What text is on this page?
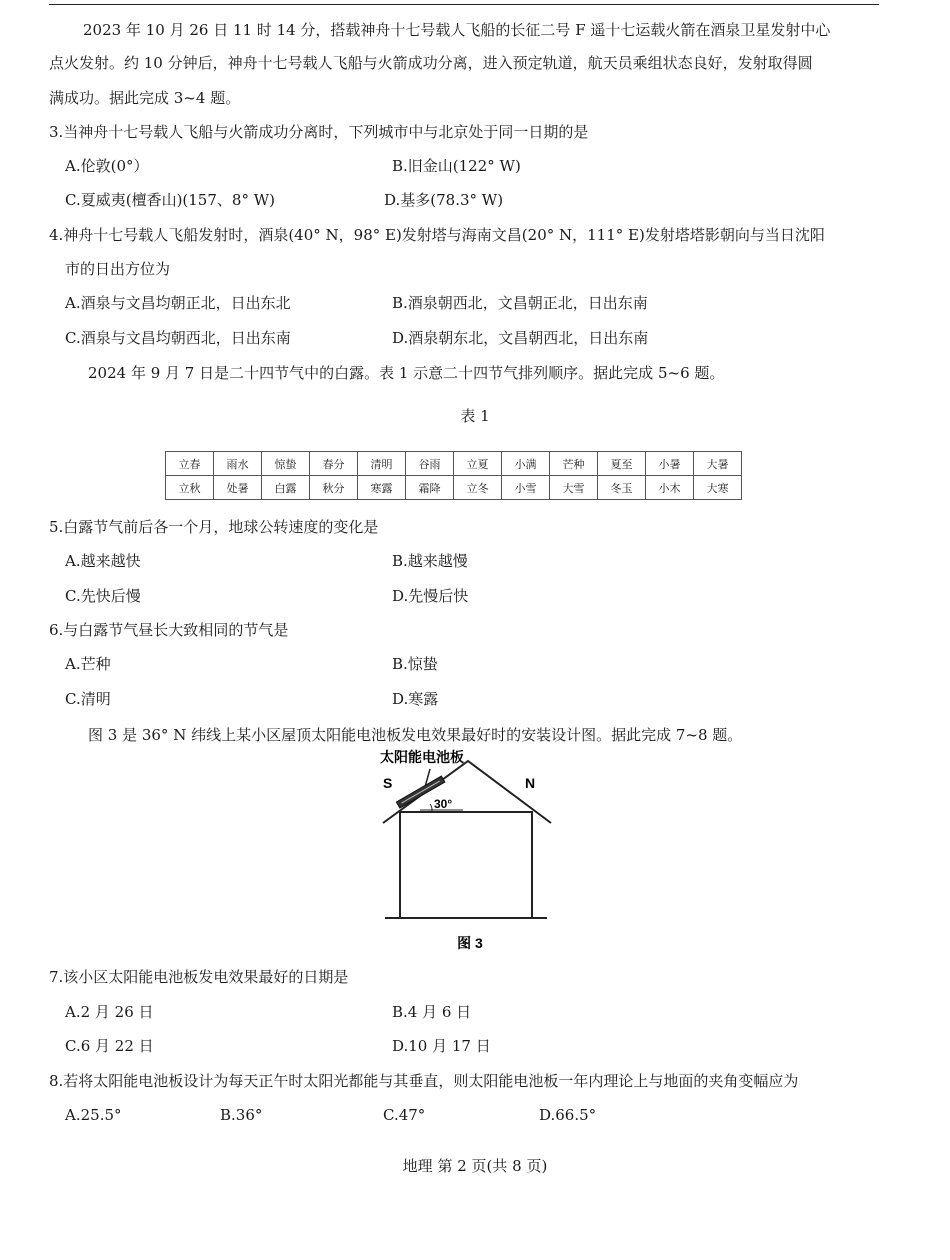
2023 年 10 月 26 日 11 时 14 分，搭载神舟十七号载人飞船的长征二号 F 遥十七运载火箭在酒泉卫星发射中心
点火发射。约 10 分钟后，神舟十七号载人飞船与火箭成功分离，进入预定轨道，航天员乘组状态良好，发射取得圆
满成功。据此完成 3~4 题。
3.当神舟十七号载人飞船与火箭成功分离时，下列城市中与北京处于同一日期的是
A.伦敦(0°）	B.旧金山(122° W)
C.夏威夷(檀香山)(157、8° W)	D.基多(78.3° W)
4.神舟十七号载人飞船发射时，酒泉(40° N，98° E)发射塔与海南文昌(20° N，111° E)发射塔塔影朝向与当日沈阳
市的日出方位为
A.酒泉与文昌均朝正北，日出东北	B.酒泉朝西北，文昌朝正北，日出东南
C.酒泉与文昌均朝西北，日出东南	D.酒泉朝东北，文昌朝西北，日出东南
2024 年 9 月 7 日是二十四节气中的白露。表 1 示意二十四节气排列顺序。据此完成 5~6 题。
表 1
立春	雨水	惊蛰	春分	清明	谷雨	立夏	小满	芒种	夏至	小暑	大暑
立秋	处暑	白露	秋分	寒露	霜降	立冬	小雪	大雪	冬玉	小木	大寒
5.白露节气前后各一个月，地球公转速度的变化是
A.越来越快	B.越来越慢
C.先快后慢	D.先慢后快
6.与白露节气昼长大致相同的节气是
A.芒种	B.惊蛰
C.清明	D.寒露
图 3 是 36° N 纬线上某小区屋顶太阳能电池板发电效果最好时的安装设计图。据此完成 7~8 题。
太阳能电池板
S	N
30°
图 3
7.该小区太阳能电池板发电效果最好的日期是
A.2 月 26 日	B.4 月 6 日
C.6 月 22 日	D.10 月 17 日
8.若将太阳能电池板设计为每天正午时太阳光都能与其垂直，则太阳能电池板一年内理论上与地面的夹角变幅应为
A.25.5°	B.36°	C.47°	D.66.5°
地理 第 2 页(共 8 页)
